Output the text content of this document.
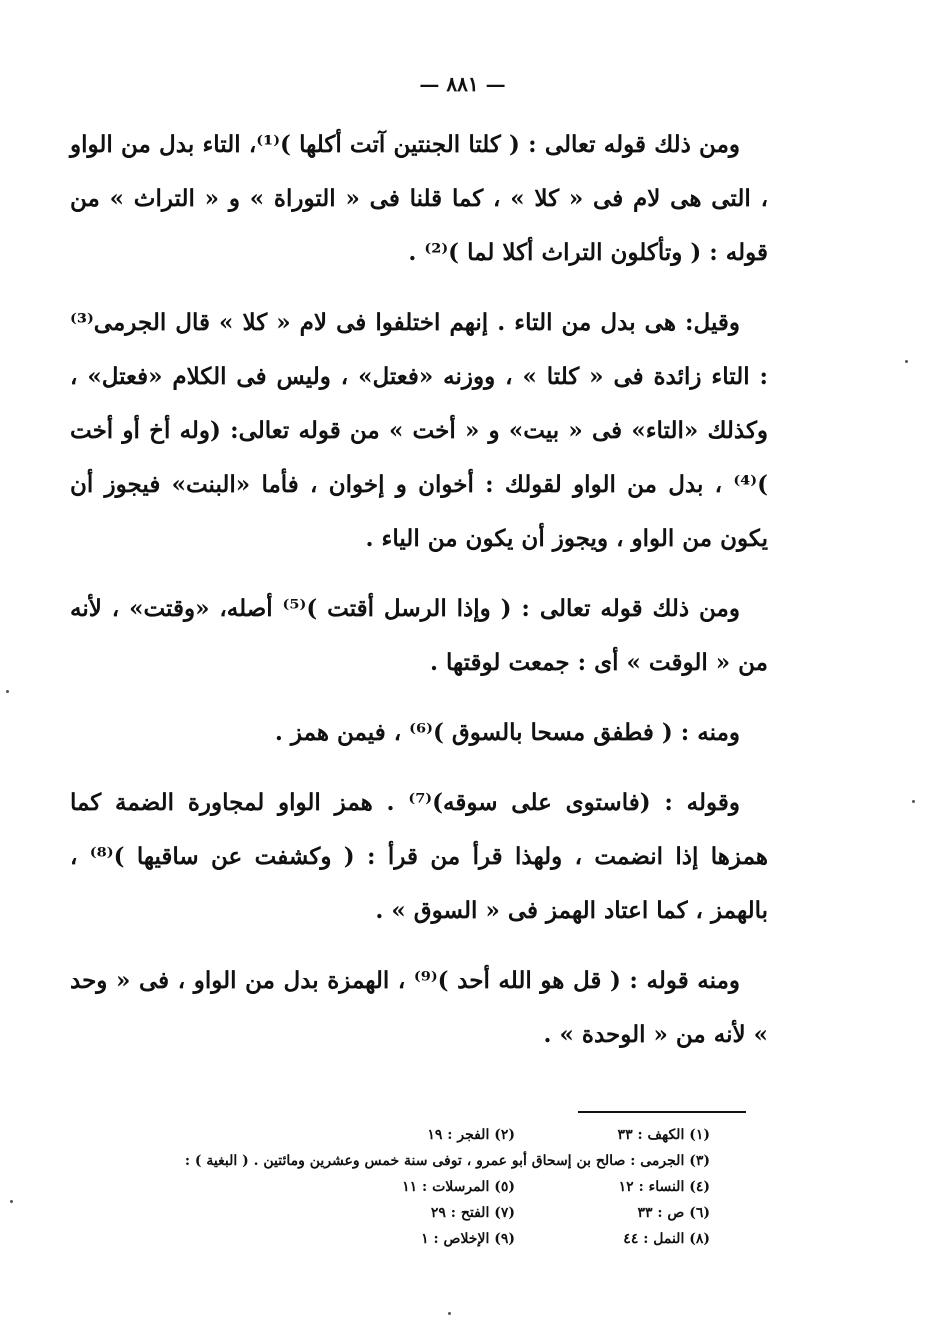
— ٨٨١ —

ومن ذلك قوله تعالى : ( كلتا الجنتين آتت أكلها )⁽¹⁾، التاء بدل من الواو ، التى هى لام فى « كلا » ، كما قلنا فى « التوراة » و « التراث » من قوله : ( وتأكلون التراث أكلا لما )⁽²⁾ .

وقيل: هى بدل من التاء . إنهم اختلفوا فى لام « كلا » قال الجرمى⁽³⁾ : التاء زائدة فى « كلتا » ، ووزنه «فعتل» ، وليس فى الكلام «فعتل» ، وكذلك «التاء» فى « بيت» و « أخت » من قوله تعالى: (وله أخ أو أخت )⁽⁴⁾ ، بدل من الواو لقولك : أخوان و إخوان ، فأما «البنت» فيجوز أن يكون من الواو ، ويجوز أن يكون من الياء .

ومن ذلك قوله تعالى : ( وإذا الرسل أقتت )⁽⁵⁾ أصله، «وقتت» ، لأنه من « الوقت » أى : جمعت لوقتها .

ومنه : ( فطفق مسحا بالسوق )⁽⁶⁾ ، فيمن همز .

وقوله : (فاستوى على سوقه)⁽⁷⁾ . همز الواو لمجاورة الضمة كما همزها إذا انضمت ، ولهذا قرأ من قرأ : ( وكشفت عن ساقيها )⁽⁸⁾ ، بالهمز ، كما اعتاد الهمز فى « السوق » .

ومنه قوله : ( قل هو الله أحد )⁽⁹⁾ ، الهمزة بدل من الواو ، فى « وحد » لأنه من « الوحدة » .

(١) الكهف : ٣٣
(٢) الفجر : ١٩
(٣) الجرمى : صالح بن إسحاق أبو عمرو ، توفى سنة خمس وعشرين ومائتين . ( البغية ) :
(٤) النساء : ١٢
(٥) المرسلات : ١١
(٦) ص : ٣٣
(٧) الفتح : ٢٩
(٨) النمل : ٤٤
(٩) الإخلاص : ١
